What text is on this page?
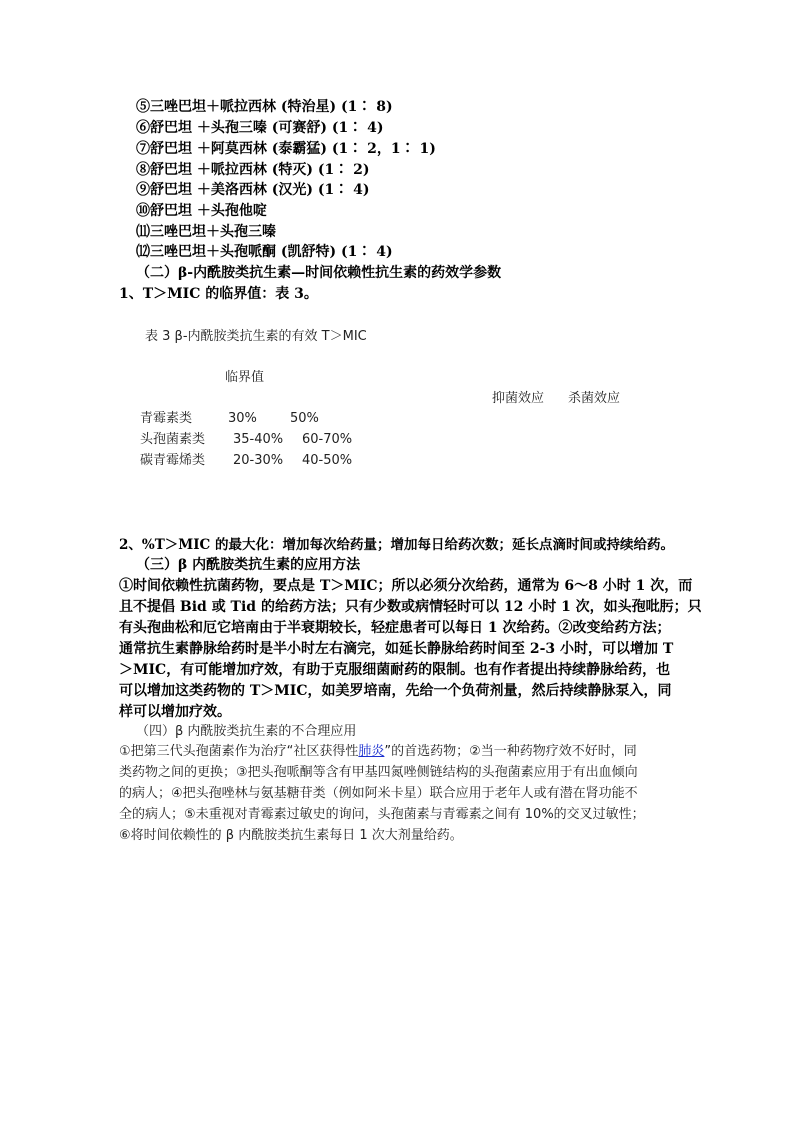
⑤三唑巴坦＋哌拉西林 (特治星) (1∶ 8)
⑥舒巴坦 ＋头孢三嗪 (可赛舒) (1∶ 4)
⑦舒巴坦 ＋阿莫西林 (泰霸猛) (1∶ 2，1∶ 1)
⑧舒巴坦 ＋哌拉西林 (特灭) (1∶ 2)
⑨舒巴坦 ＋美洛西林 (汉光) (1∶ 4)
⑩舒巴坦 ＋头孢他啶
⑾三唑巴坦＋头孢三嗪
⑿三唑巴坦＋头孢哌酮 (凯舒特) (1∶ 4)
（二）β-内酰胺类抗生素—时间依赖性抗生素的药效学参数
1、T＞MIC 的临界值：表 3。
表 3 β-内酰胺类抗生素的有效 T＞MIC
临界值
抑菌效应 杀菌效应
青霉素类	30%	50%
头孢菌素类 35-40% 60-70%
碳青霉烯类 20-30% 40-50%
2、%T＞MIC 的最大化：增加每次给药量；增加每日给药次数；延长点滴时间或持续给药。
（三）β 内酰胺类抗生素的应用方法
①时间依赖性抗菌药物，要点是 T＞MIC；所以必须分次给药，通常为 6～8 小时 1 次，而
且不提倡 Bid 或 Tid 的给药方法；只有少数或病情轻时可以 12 小时 1 次，如头孢吡肟；只
有头孢曲松和厄它培南由于半衰期较长，轻症患者可以每日 1 次给药。②改变给药方法；
通常抗生素静脉给药时是半小时左右滴完，如延长静脉给药时间至 2-3 小时，可以增加 T
＞MIC，有可能增加疗效，有助于克服细菌耐药的限制。也有作者提出持续静脉给药，也
可以增加这类药物的 T＞MIC，如美罗培南，先给一个负荷剂量，然后持续静脉泵入，同
样可以增加疗效。
（四）β 内酰胺类抗生素的不合理应用
①把第三代头孢菌素作为治疗“社区获得性肺炎”的首选药物；②当一种药物疗效不好时，同
类药物之间的更换；③把头孢哌酮等含有甲基四氮唑侧链结构的头孢菌素应用于有出血倾向
的病人；④把头孢唑林与氨基糖苷类（例如阿米卡星）联合应用于老年人或有潜在肾功能不
全的病人；⑤未重视对青霉素过敏史的询问，头孢菌素与青霉素之间有 10%的交叉过敏性；
⑥将时间依赖性的 β 内酰胺类抗生素每日 1 次大剂量给药。
